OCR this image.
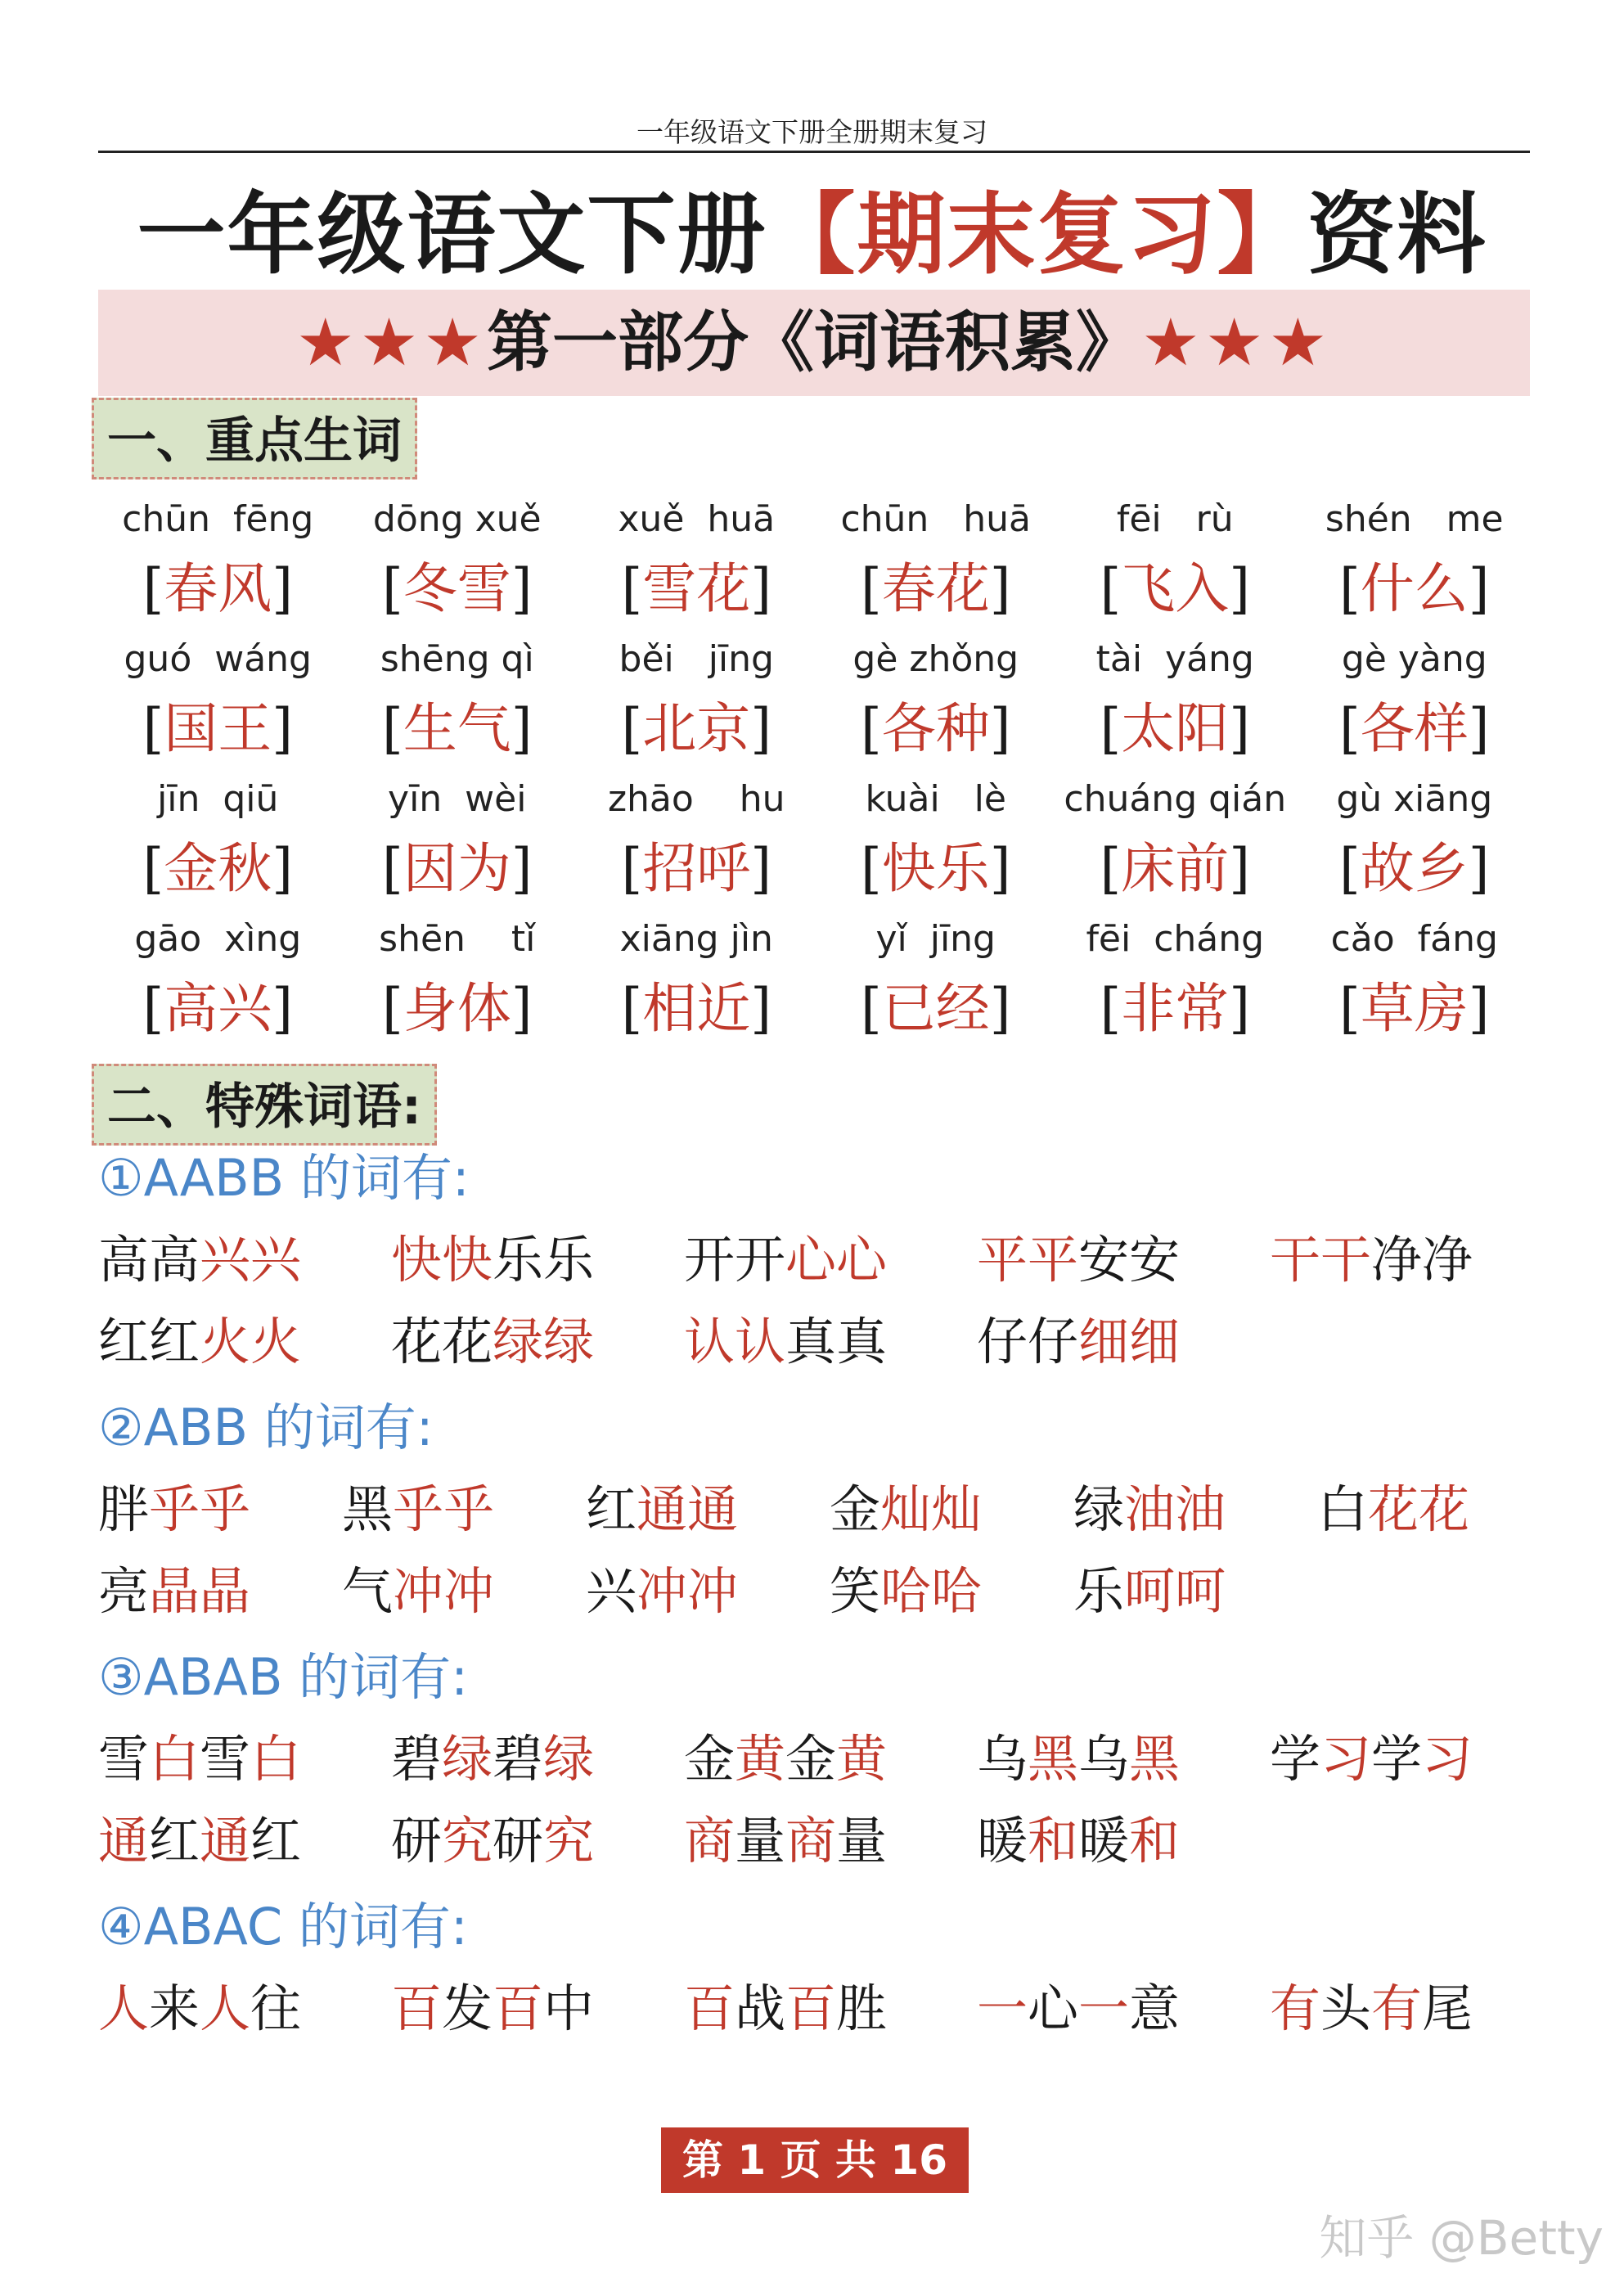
一年级语文下册全册期末复习
一年级语文下册【期末复习】资料
★★★第一部分《词语积累》★★★
一、重点生词
chūn  fēng
[春风]
dōng xuě
[冬雪]
xuě  huā
[雪花]
chūn   huā
[春花]
fēi   rù
[飞入]
shén   me
[什么]
guó  wáng
[国王]
shēng qì
[生气]
běi   jīng
[北京]
gè zhǒng
[各种]
tài  yáng
[太阳]
gè yàng
[各样]
jīn  qiū
[金秋]
yīn  wèi
[因为]
zhāo    hu
[招呼]
kuài   lè
[快乐]
chuáng qián
[床前]
gù xiāng
[故乡]
gāo  xìng
[高兴]
shēn    tǐ
[身体]
xiāng jìn
[相近]
yǐ  jīng
[已经]
fēi  cháng
[非常]
cǎo  fáng
[草房]
二、特殊词语:
①AABB 的词有:
高高兴兴 快快乐乐 开开心心 平平安安 干干净净
红红火火 花花绿绿 认认真真 仔仔细细
②ABB 的词有:
胖乎乎 黑乎乎 红通通 金灿灿 绿油油 白花花
亮晶晶 气冲冲 兴冲冲 笑哈哈 乐呵呵
③ABAB 的词有:
雪白雪白 碧绿碧绿 金黄金黄 乌黑乌黑 学习学习
通红通红 研究研究 商量商量 暖和暖和
④ABAC 的词有:
人来人往 百发百中 百战百胜 一心一意 有头有尾
第 1 页 共 16 页	知乎 @Betty
